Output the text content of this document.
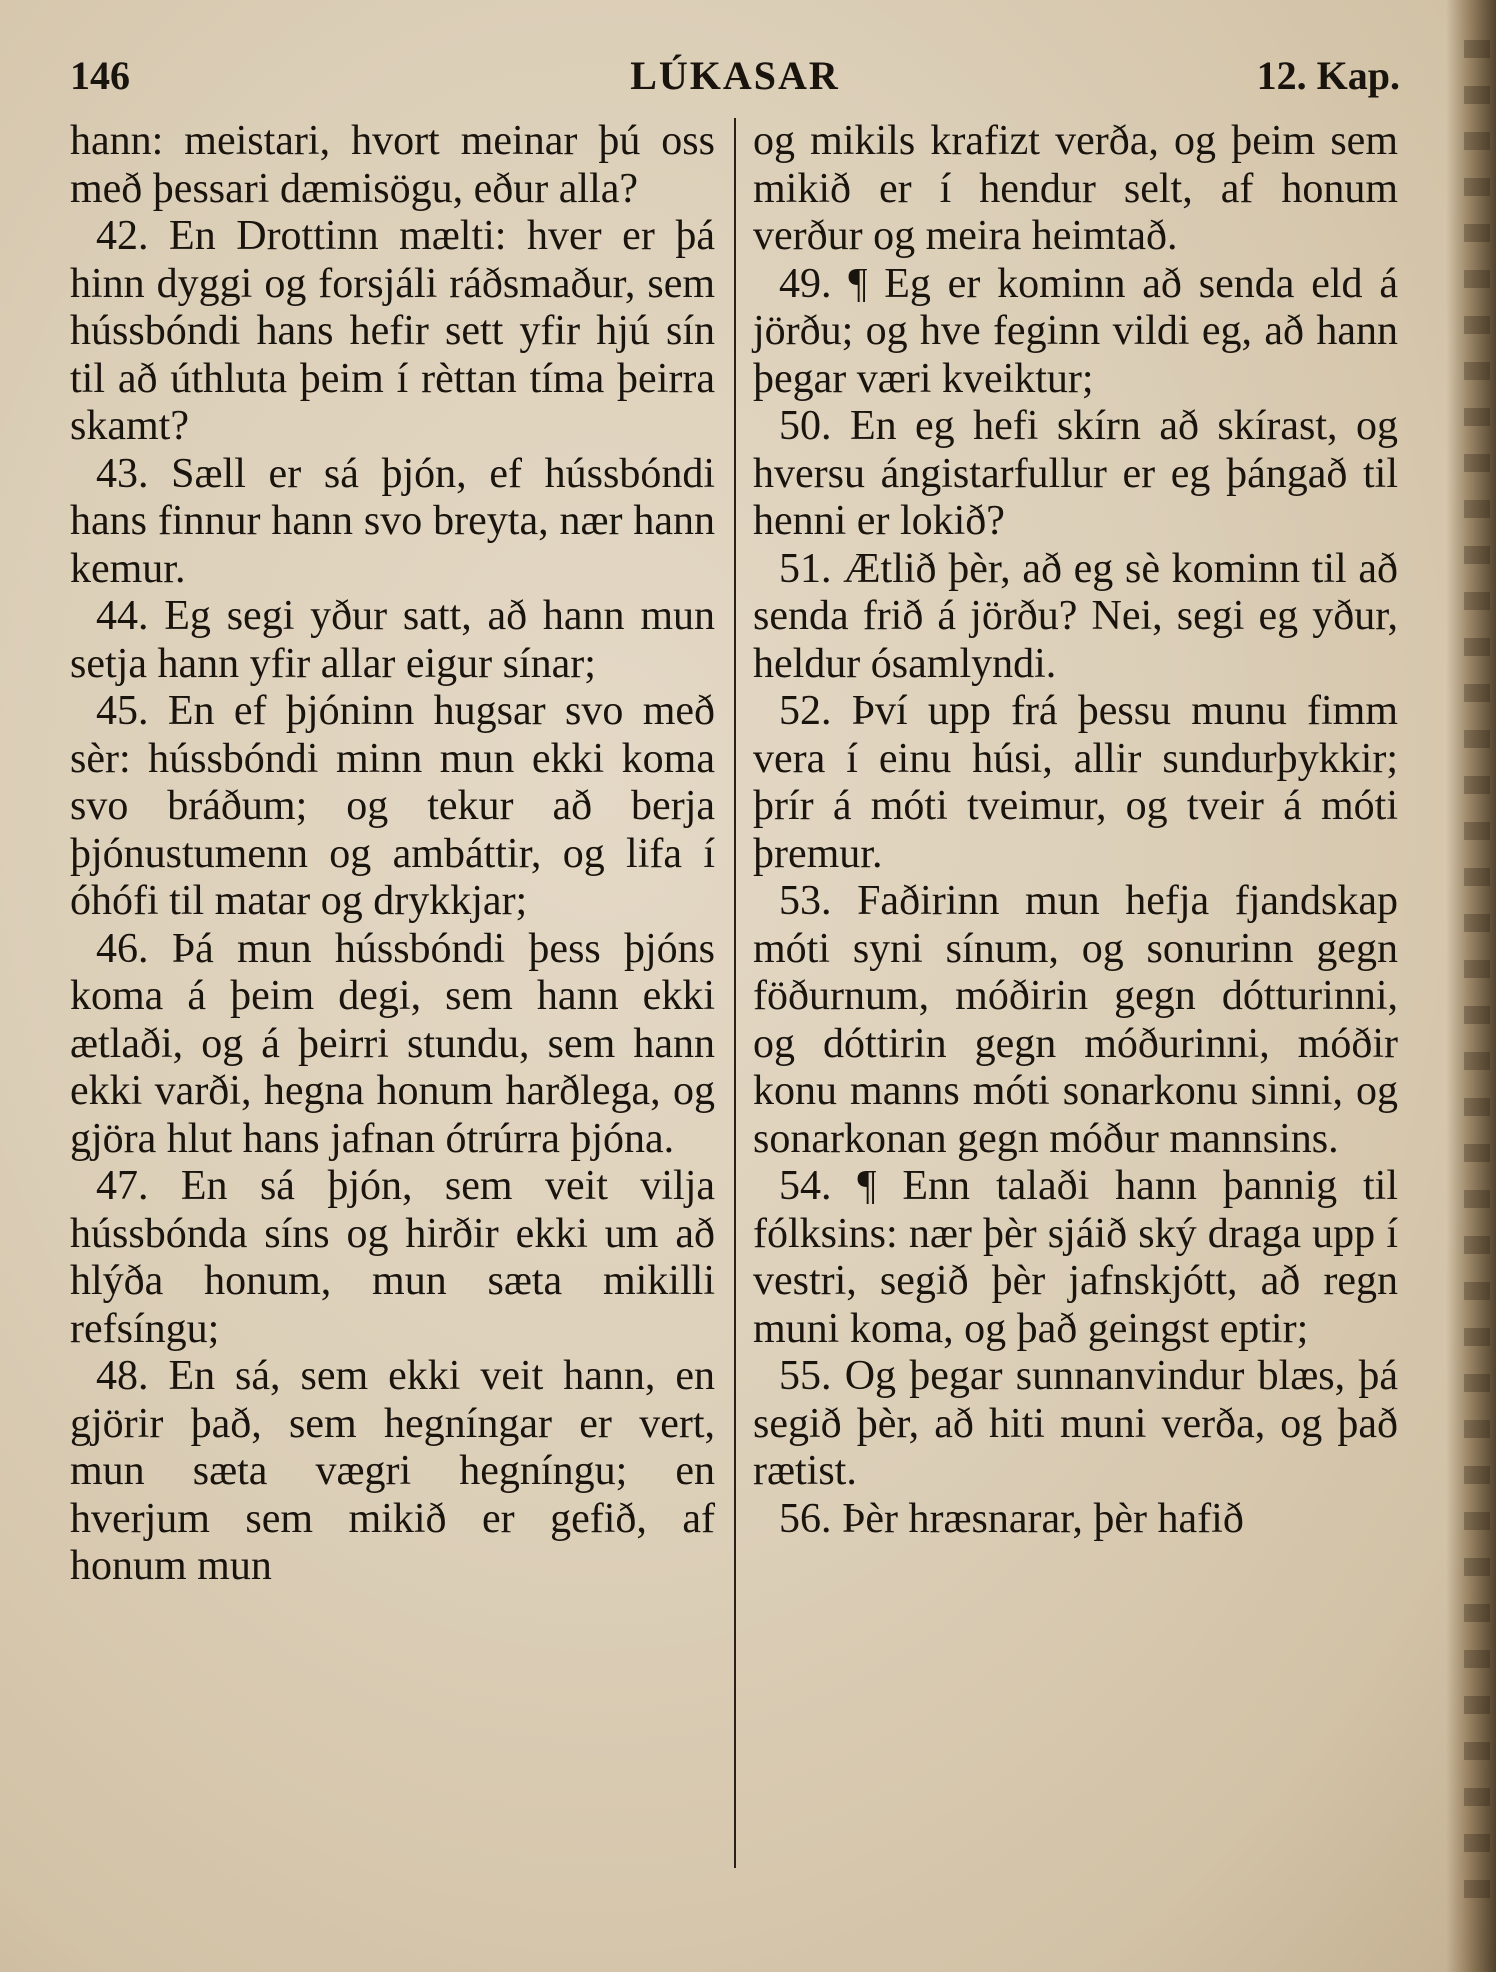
146	LÚKASAR	12. Kap.

hann: meistari, hvort meinar þú oss með þessari dæmisögu, eður alla?

42. En Drottinn mælti: hver er þá hinn dyggi og forsjáli ráðsmaður, sem hússbóndi hans hefir sett yfir hjú sín til að úthluta þeim í rèttan tíma þeirra skamt?

43. Sæll er sá þjón, ef hússbóndi hans finnur hann svo breyta, nær hann kemur.

44. Eg segi yður satt, að hann mun setja hann yfir allar eigur sínar;

45. En ef þjóninn hugsar svo með sèr: hússbóndi minn mun ekki koma svo bráðum; og tekur að berja þjónustumenn og ambáttir, og lifa í óhófi til matar og drykkjar;

46. Þá mun hússbóndi þess þjóns koma á þeim degi, sem hann ekki ætlaði, og á þeirri stundu, sem hann ekki varði, hegna honum harðlega, og gjöra hlut hans jafnan ótrúrra þjóna.

47. En sá þjón, sem veit vilja hússbónda síns og hirðir ekki um að hlýða honum, mun sæta mikilli refsíngu;

48. En sá, sem ekki veit hann, en gjörir það, sem hegníngar er vert, mun sæta vægri hegníngu; en hverjum sem mikið er gefið, af honum mun

og mikils krafizt verða, og þeim sem mikið er í hendur selt, af honum verður og meira heimtað.

49. ¶ Eg er kominn að senda eld á jörðu; og hve feginn vildi eg, að hann þegar væri kveiktur;

50. En eg hefi skírn að skírast, og hversu ángistarfullur er eg þángað til henni er lokið?

51. Ætlið þèr, að eg sè kominn til að senda frið á jörðu? Nei, segi eg yður, heldur ósamlyndi.

52. Því upp frá þessu munu fimm vera í einu húsi, allir sundurþykkir; þrír á móti tveimur, og tveir á móti þremur.

53. Faðirinn mun hefja fjandskap móti syni sínum, og sonurinn gegn föðurnum, móðirin gegn dótturinni, og dóttirin gegn móðurinni, móðir konu manns móti sonarkonu sinni, og sonarkonan gegn móður mannsins.

54. ¶ Enn talaði hann þannig til fólksins: nær þèr sjáið ský draga upp í vestri, segið þèr jafnskjótt, að regn muni koma, og það geingst eptir;

55. Og þegar sunnanvindur blæs, þá segið þèr, að hiti muni verða, og það rætist.

56. Þèr hræsnarar, þèr hafið
